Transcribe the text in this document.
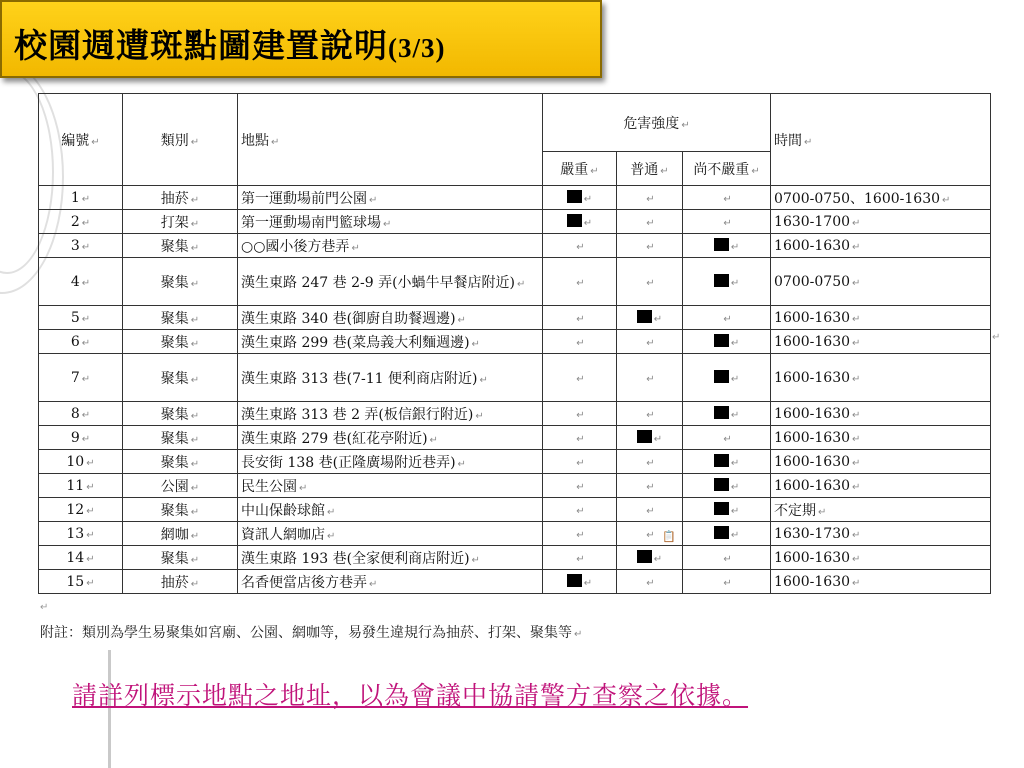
校園週遭斑點圖建置說明(3/3)
編號 ↵	類別 ↵	地點 ↵	危害強度 ↵			時間 ↵
			嚴重 ↵	普通 ↵	尚不嚴重 ↵	
1 ↵	抽菸 ↵	第一運動場前門公園 ↵	↵	↵	↵	0700-0750、1600-1630 ↵
2 ↵	打架 ↵	第一運動場南門籃球場 ↵	↵	↵	↵	1630-1700 ↵
3 ↵	聚集 ↵	○○國小後方巷弄 ↵	↵	↵	↵	1600-1630 ↵
4 ↵	聚集 ↵	漢生東路 247 巷 2-9 弄(小蝸牛早餐店附近) ↵	↵	↵	↵	0700-0750 ↵
5 ↵	聚集 ↵	漢生東路 340 巷(御廚自助餐週邊) ↵	↵	↵	↵	1600-1630 ↵
6 ↵	聚集 ↵	漢生東路 299 巷(菜鳥義大利麵週邊) ↵	↵	↵	↵	1600-1630 ↵
7 ↵	聚集 ↵	漢生東路 313 巷(7-11 便利商店附近) ↵	↵	↵	↵	1600-1630 ↵
8 ↵	聚集 ↵	漢生東路 313 巷 2 弄(板信銀行附近) ↵	↵	↵	↵	1600-1630 ↵
9 ↵	聚集 ↵	漢生東路 279 巷(紅花亭附近) ↵	↵	↵	↵	1600-1630 ↵
10 ↵	聚集 ↵	長安街 138 巷(正隆廣場附近巷弄) ↵	↵	↵	↵	1600-1630 ↵
11 ↵	公園 ↵	民生公園 ↵	↵	↵	↵	1600-1630 ↵
12 ↵	聚集 ↵	中山保齡球館 ↵	↵	↵	↵	不定期 ↵
13 ↵	網咖 ↵	資訊人網咖店 ↵	↵	↵	↵	1630-1730 ↵
14 ↵	聚集 ↵	漢生東路 193 巷(全家便利商店附近) ↵	↵	↵	↵	1600-1630 ↵
15 ↵	抽菸 ↵	名香便當店後方巷弄 ↵	↵	↵	↵	1600-1630 ↵
↵
↵
📋
附註：類別為學生易聚集如宮廟、公園、網咖等，易發生違規行為抽菸、打架、聚集等 ↵
請詳列標示地點之地址，以為會議中協請警方查察之依據。
